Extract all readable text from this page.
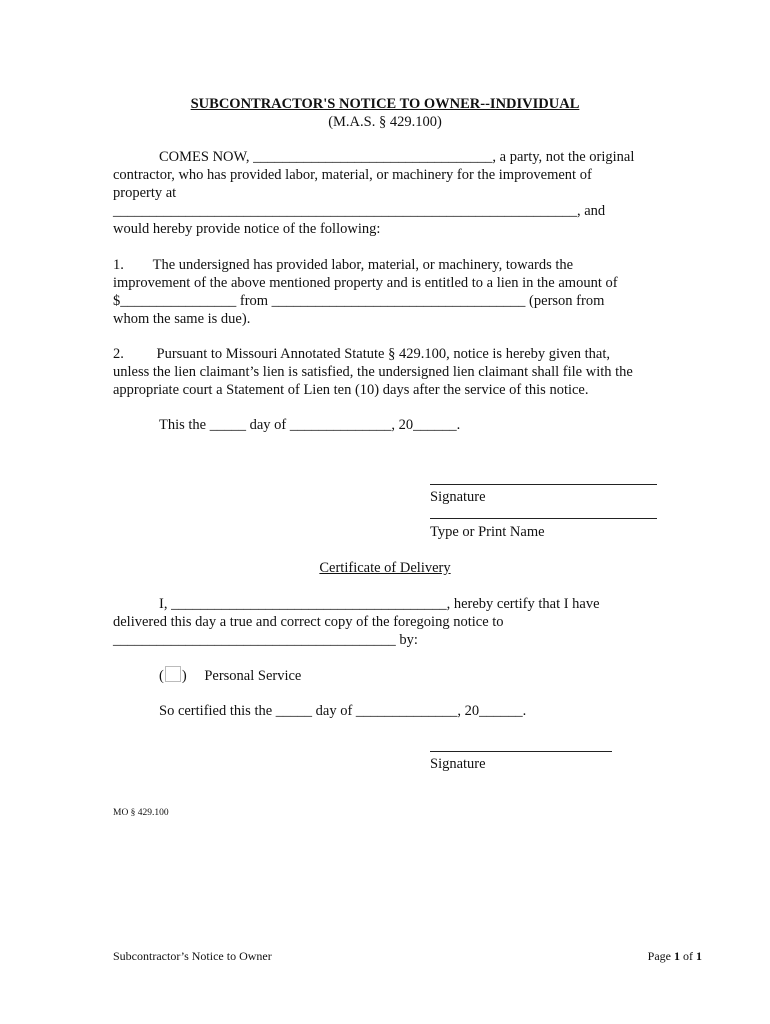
SUBCONTRACTOR'S NOTICE TO OWNER--INDIVIDUAL
(M.A.S. § 429.100)
COMES NOW, _________________________________, a party, not the original
contractor, who has provided labor, material, or machinery for the improvement of
property at
________________________________________________________________, and
would hereby provide notice of the following:
1.        The undersigned has provided labor, material, or machinery, towards the
improvement of the above mentioned property and is entitled to a lien in the amount of
$________________ from ___________________________________ (person from
whom the same is due).
2.         Pursuant to Missouri Annotated Statute § 429.100, notice is hereby given that,
unless the lien claimant’s lien is satisfied, the undersigned lien claimant shall file with the
appropriate court a Statement of Lien ten (10) days after the service of this notice.
This the _____ day of ______________, 20______.
Signature
Type or Print Name
Certificate of Delivery
I, ______________________________________, hereby certify that I have
delivered this day a true and correct copy of the foregoing notice to
_______________________________________ by:
( ) Personal Service
So certified this the _____ day of ______________, 20______.
Signature
MO § 429.100
Subcontractor’s Notice to Owner	Page 1 of 1
